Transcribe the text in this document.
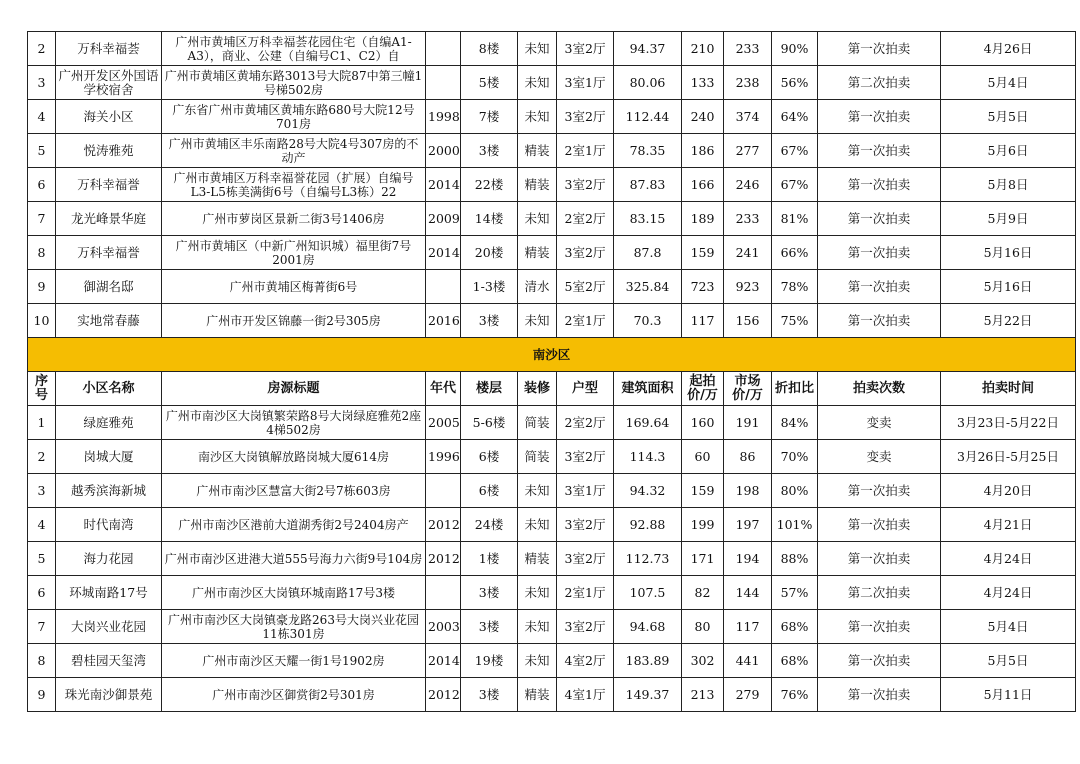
2	万科幸福荟	广州市黄埔区万科幸福荟花园住宅（自编A1-A3），商业、公建（自编号C1、C2）自		8楼	未知	3室2厅	94.37	210	233	90%	第一次拍卖	4月26日
3	广州开发区外国语学校宿舍	广州市黄埔区黄埔东路3013号大院87中第三幢1号梯502房		5楼	未知	3室1厅	80.06	133	238	56%	第二次拍卖	5月4日
4	海关小区	广东省广州市黄埔区黄埔东路680号大院12号701房	1998	7楼	未知	3室2厅	112.44	240	374	64%	第一次拍卖	5月5日
5	悦涛雅苑	广州市黄埔区丰乐南路28号大院4号307房的不动产	2000	3楼	精装	2室1厅	78.35	186	277	67%	第一次拍卖	5月6日
6	万科幸福誉	广州市黄埔区万科幸福誉花园（扩展）自编号L3-L5栋美满街6号（自编号L3栋）22	2014	22楼	精装	3室2厅	87.83	166	246	67%	第一次拍卖	5月8日
7	龙光峰景华庭	广州市萝岗区景新二街3号1406房	2009	14楼	未知	2室2厅	83.15	189	233	81%	第一次拍卖	5月9日
8	万科幸福誉	广州市黄埔区（中新广州知识城）福里街7号2001房	2014	20楼	精装	3室2厅	87.8	159	241	66%	第一次拍卖	5月16日
9	御湖名邸	广州市黄埔区梅菁街6号		1-3楼	清水	5室2厅	325.84	723	923	78%	第一次拍卖	5月16日
10	实地常春藤	广州市开发区锦藤一街2号305房	2016	3楼	未知	2室1厅	70.3	117	156	75%	第一次拍卖	5月22日
南沙区												
序号	小区名称	房源标题	年代	楼层	装修	户型	建筑面积	起拍价/万	市场价/万	折扣比	拍卖次数	拍卖时间
1	绿庭雅苑	广州市南沙区大岗镇繁荣路8号大岗绿庭雅苑2座4梯502房	2005	5-6楼	简装	2室2厅	169.64	160	191	84%	变卖	3月23日-5月22日
2	岗城大厦	南沙区大岗镇解放路岗城大厦614房	1996	6楼	简装	3室2厅	114.3	60	86	70%	变卖	3月26日-5月25日
3	越秀滨海新城	广州市南沙区慧富大街2号7栋603房		6楼	未知	3室1厅	94.32	159	198	80%	第一次拍卖	4月20日
4	时代南湾	广州市南沙区港前大道湖秀街2号2404房产	2012	24楼	未知	3室2厅	92.88	199	197	101%	第一次拍卖	4月21日
5	海力花园	广州市南沙区进港大道555号海力六街9号104房	2012	1楼	精装	3室2厅	112.73	171	194	88%	第一次拍卖	4月24日
6	环城南路17号	广州市南沙区大岗镇环城南路17号3楼		3楼	未知	2室1厅	107.5	82	144	57%	第二次拍卖	4月24日
7	大岗兴业花园	广州市南沙区大岗镇豪龙路263号大岗兴业花园11栋301房	2003	3楼	未知	3室2厅	94.68	80	117	68%	第一次拍卖	5月4日
8	碧桂园天玺湾	广州市南沙区天耀一街1号1902房	2014	19楼	未知	4室2厅	183.89	302	441	68%	第一次拍卖	5月5日
9	珠光南沙御景苑	广州市南沙区御赏街2号301房	2012	3楼	精装	4室1厅	149.37	213	279	76%	第一次拍卖	5月11日
